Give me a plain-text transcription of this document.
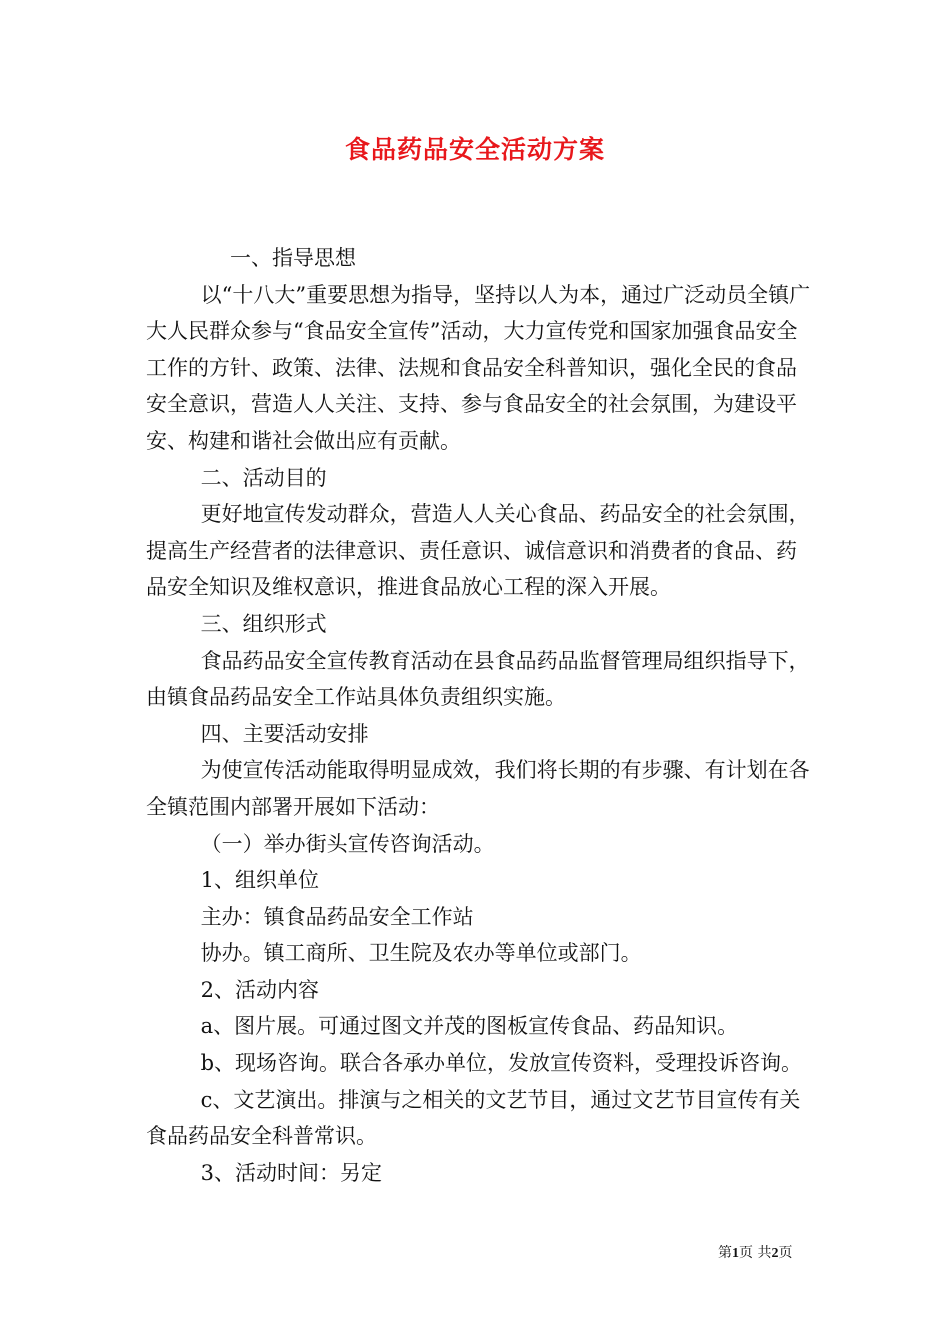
食品药品安全活动方案

一、指导思想

以“十八大”重要思想为指导，坚持以人为本，通过广泛动员全镇广大人民群众参与“食品安全宣传”活动，大力宣传党和国家加强食品安全工作的方针、政策、法律、法规和食品安全科普知识，强化全民的食品安全意识，营造人人关注、支持、参与食品安全的社会氛围，为建设平安、构建和谐社会做出应有贡献。

二、活动目的

更好地宣传发动群众，营造人人关心食品、药品安全的社会氛围，提高生产经营者的法律意识、责任意识、诚信意识和消费者的食品、药品安全知识及维权意识，推进食品放心工程的深入开展。

三、组织形式

食品药品安全宣传教育活动在县食品药品监督管理局组织指导下，由镇食品药品安全工作站具体负责组织实施。

四、主要活动安排

为使宣传活动能取得明显成效，我们将长期的有步骤、有计划在各全镇范围内部署开展如下活动：

（一）举办街头宣传咨询活动。

1、组织单位

主办：镇食品药品安全工作站

协办。镇工商所、卫生院及农办等单位或部门。

2、活动内容

a、图片展。可通过图文并茂的图板宣传食品、药品知识。

b、现场咨询。联合各承办单位，发放宣传资料，受理投诉咨询。

c、文艺演出。排演与之相关的文艺节目，通过文艺节目宣传有关食品药品安全科普常识。

3、活动时间：另定

第1页 共2页
